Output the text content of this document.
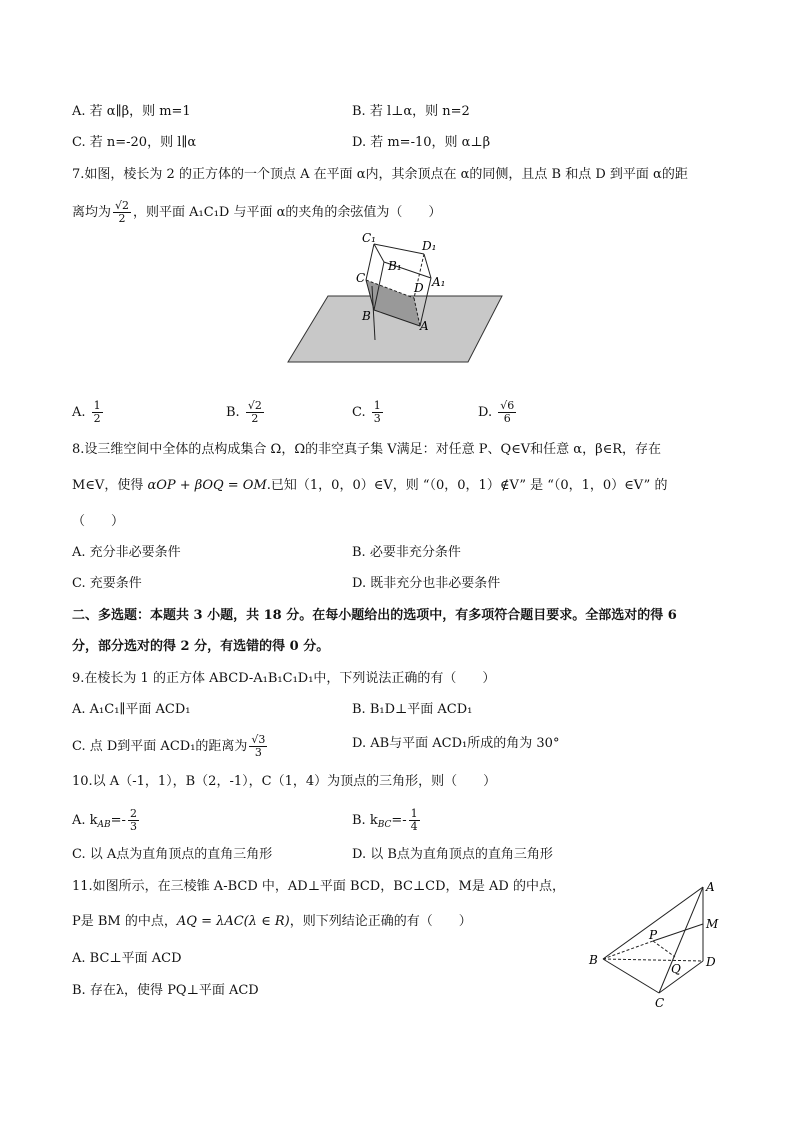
A. 若 α∥β，则 m=1	B. 若 l⊥α，则 n=2
C. 若 n=-20，则 l∥α	D. 若 m=-10，则 α⊥β
7.如图，棱长为 2 的正方体的一个顶点 A 在平面 α内，其余顶点在 α的同侧，且点 B 和点 D 到平面 α的距
离均为 $\frac{√2}{2}$ ，则平面 A₁C₁D 与平面 α的夹角的余弦值为（　　）
C₁
D₁
B₁
C
D A₁
B
A
A. $\frac{1}{2}$	B. $\frac{√2}{2}$	C. $\frac{1}{3}$	D. $\frac{√6}{6}$
8.设三维空间中全体的点构成集合 Ω，Ω的非空真子集 V满足：对任意 P、Q∈V和任意 α，β∈R，存在
M∈V，使得 αOP + βOQ = OM.已知（1，0，0）∈V，则 “（0，0，1）∉V” 是 “（0，1，0）∈V” 的
（　　）
A. 充分非必要条件	B. 必要非充分条件
C. 充要条件	D. 既非充分也非必要条件
二、多选题：本题共 3 小题，共 18 分。在每小题给出的选项中，有多项符合题目要求。全部选对的得 6
分，部分选对的得 2 分，有选错的得 0 分。
9.在棱长为 1 的正方体 ABCD-A₁B₁C₁D₁中，下列说法正确的有（　　）
A. A₁C₁∥平面 ACD₁	B. B₁D⊥平面 ACD₁
C. 点 D到平面 ACD₁的距离为 $\frac{√3}{3}$	D. AB与平面 ACD₁所成的角为 30°
10.以 A（-1，1），B（2，-1），C（1，4）为顶点的三角形，则（　　）
A. $k_{AB}=- \frac{2}{3}$	B. $k_{BC}=- \frac{1}{4}$
C. 以 A点为直角顶点的直角三角形	D. 以 B点为直角顶点的直角三角形
11.如图所示，在三棱锥 A-BCD 中，AD⊥平面 BCD，BC⊥CD，M是 AD 的中点，
P是 BM 的中点，AQ = λAC(λ ∈ R)，则下列结论正确的有（　　）
A. BC⊥平面 ACD
B. 存在λ，使得 PQ⊥平面 ACD
A
M
P
B
Q D
C
